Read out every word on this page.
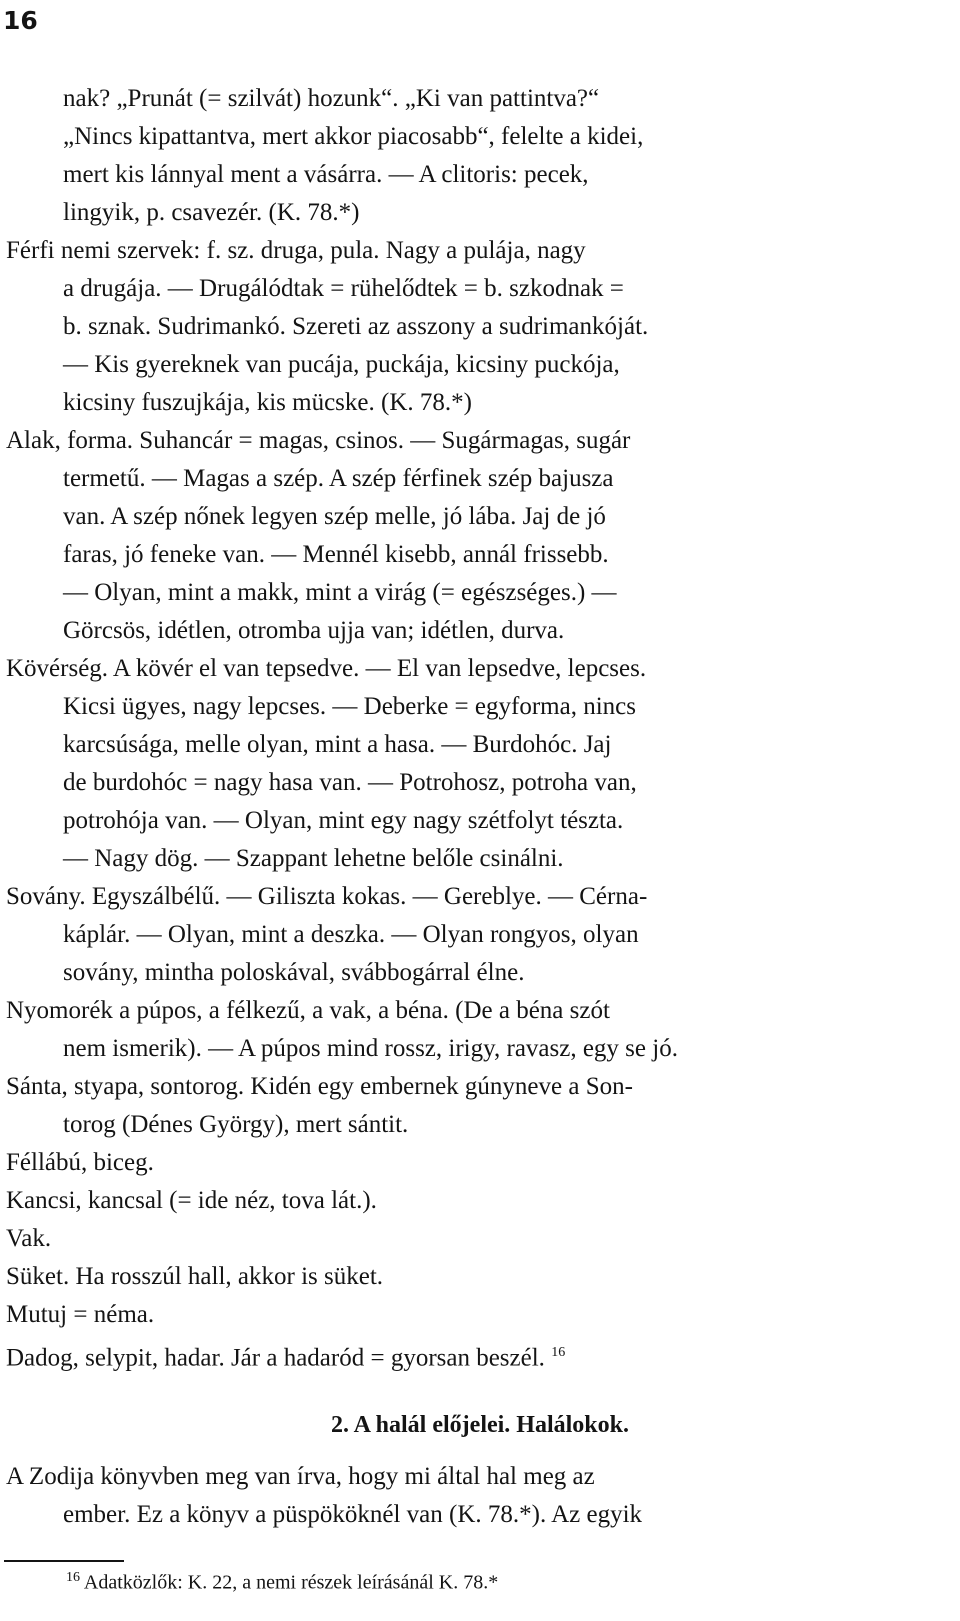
16
nak? „Prunát (= szilvát) hozunk“. „Ki van pattintva?“
„Nincs kipattantva, mert akkor piacosabb“, felelte a kidei,
mert kis lánnyal ment a vásárra. — A clitoris: pecek,
lingyik, p. csavezér. (K. 78.*)
Férfi nemi szervek: f. sz. druga, pula. Nagy a pulája, nagy
a drugája. — Drugálódtak = rühelődtek = b. szkodnak =
b. sznak. Sudrimankó. Szereti az asszony a sudrimankóját.
— Kis gyereknek van pucája, puckája, kicsiny puckója,
kicsiny fuszujkája, kis mücske. (K. 78.*)
Alak, forma. Suhancár = magas, csinos. — Sugármagas, sugár
termetű. — Magas a szép. A szép férfinek szép bajusza
van. A szép nőnek legyen szép melle, jó lába. Jaj de jó
faras, jó feneke van. — Mennél kisebb, annál frissebb.
— Olyan, mint a makk, mint a virág (= egészséges.) —
Görcsös, idétlen, otromba ujja van; idétlen, durva.
Kövérség. A kövér el van tepsedve. — El van lepsedve, lepcses.
Kicsi ügyes, nagy lepcses. — Deberke = egyforma, nincs
karcsúsága, melle olyan, mint a hasa. — Burdohóc. Jaj
de burdohóc = nagy hasa van. — Potrohosz, potroha van,
potrohója van. — Olyan, mint egy nagy szétfolyt tészta.
— Nagy dög. — Szappant lehetne belőle csinálni.
Sovány. Egyszálbélű. — Giliszta kokas. — Gereblye. — Cérna-
káplár. — Olyan, mint a deszka. — Olyan rongyos, olyan
sovány, mintha poloskával, svábbogárral élne.
Nyomorék a púpos, a félkezű, a vak, a béna. (De a béna szót
nem ismerik). — A púpos mind rossz, irigy, ravasz, egy se jó.
Sánta, styapa, sontorog. Kidén egy embernek gúnyneve a Son-
torog (Dénes György), mert sántit.
Féllábú, biceg.
Kancsi, kancsal (= ide néz, tova lát.).
Vak.
Süket. Ha rosszúl hall, akkor is süket.
Mutuj = néma.
Dadog, selypit, hadar. Jár a hadaród = gyorsan beszél. $^{16}$
A Zodija könyvben meg van írva, hogy mi által hal meg az
ember. Ez a könyv a püspököknél van (K. 78.*). Az egyik
2. A halál előjelei. Halálokok.
$^{16}$ Adatközlők: K. 22, a nemi részek leírásánál K. 78.*
